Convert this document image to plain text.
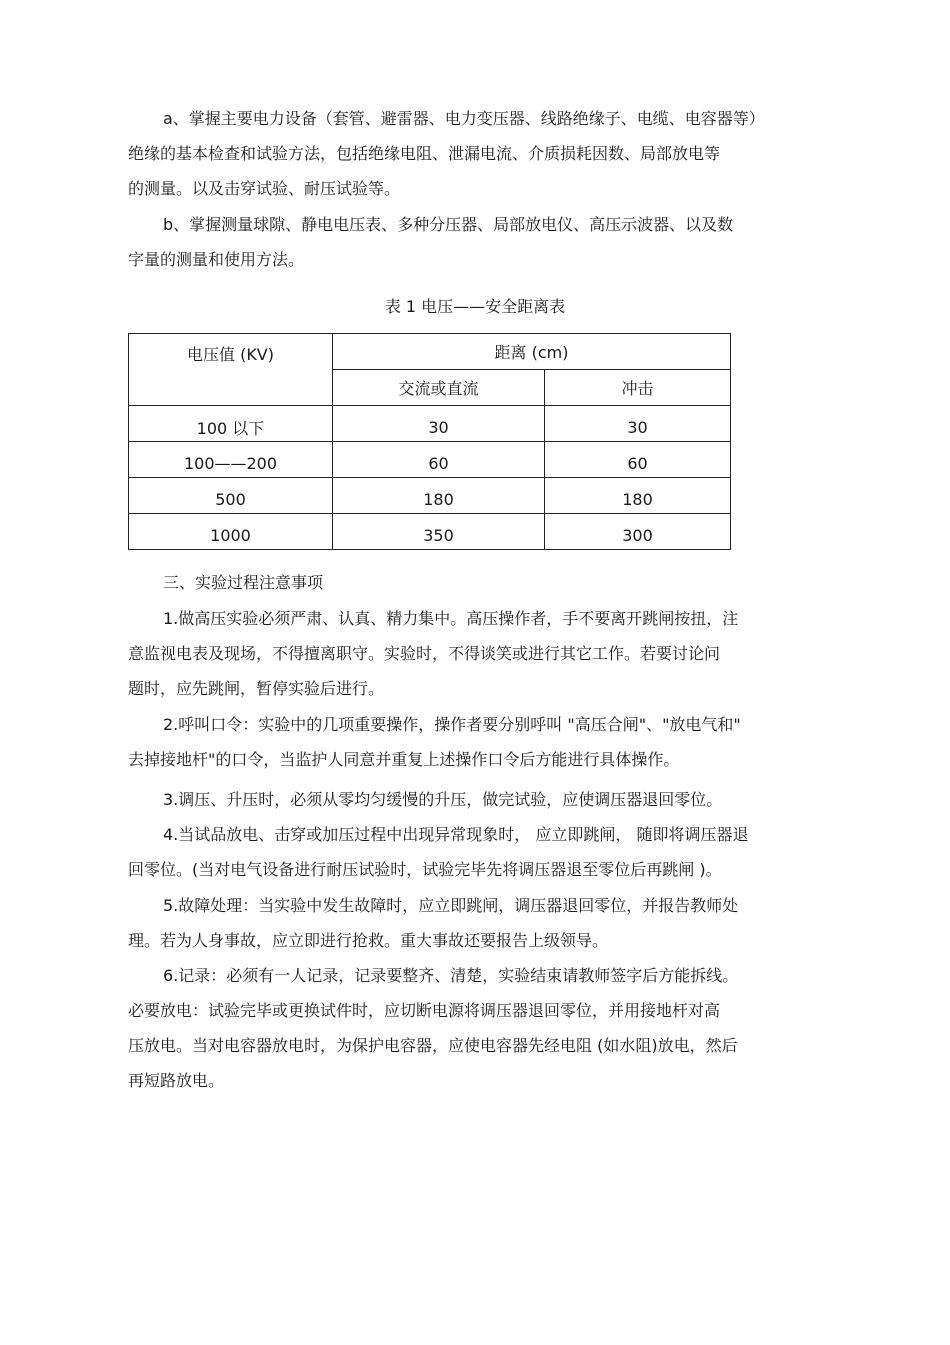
a、掌握主要电力设备（套管、避雷器、电力变压器、线路绝缘子、电缆、电容器等）
绝缘的基本检查和试验方法，包括绝缘电阻、泄漏电流、介质损耗因数、局部放电等
的测量。以及击穿试验、耐压试验等。
b、掌握测量球隙、静电电压表、多种分压器、局部放电仪、高压示波器、以及数
字量的测量和使用方法。
表 1 电压——安全距离表
电压值 (KV)	距离 (cm)	
	交流或直流	冲击
100 以下	30	30
100——200	60	60
500	180	180
1000	350	300
三、实验过程注意事项
1.做高压实验必须严肃、认真、精力集中。高压操作者，手不要离开跳闸按扭，注
意监视电表及现场，不得擅离职守。实验时，不得谈笑或进行其它工作。若要讨论问
题时，应先跳闸，暂停实验后进行。
2.呼叫口令：实验中的几项重要操作，操作者要分别呼叫 "高压合闸"、"放电气和"
去掉接地杆"的口令，当监护人同意并重复上述操作口令后方能进行具体操作。
3.调压、升压时，必须从零均匀缓慢的升压，做完试验，应使调压器退回零位。
4.当试品放电、击穿或加压过程中出现异常现象时， 应立即跳闸， 随即将调压器退
回零位。(当对电气设备进行耐压试验时，试验完毕先将调压器退至零位后再跳闸 )。
5.故障处理：当实验中发生故障时，应立即跳闸，调压器退回零位，并报告教师处
理。若为人身事故，应立即进行抢救。重大事故还要报告上级领导。
6.记录：必须有一人记录，记录要整齐、清楚，实验结束请教师签字后方能拆线。
必要放电：试验完毕或更换试件时，应切断电源将调压器退回零位，并用接地杆对高
压放电。当对电容器放电时，为保护电容器，应使电容器先经电阻 (如水阻)放电，然后
再短路放电。
